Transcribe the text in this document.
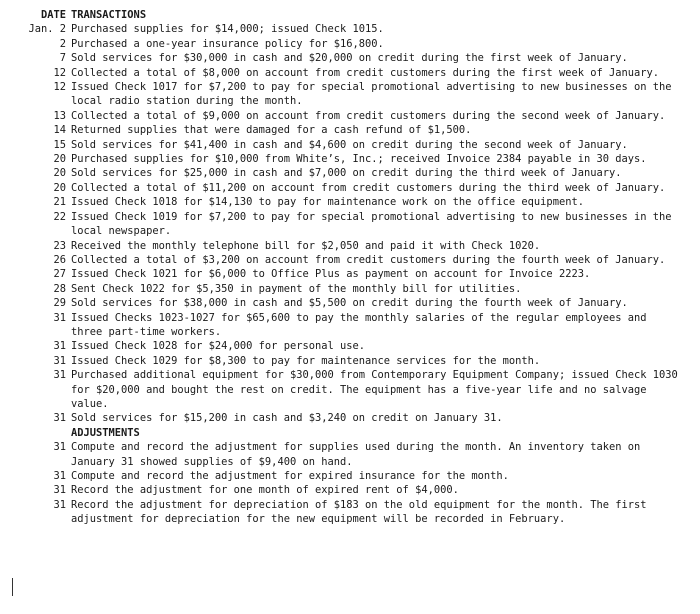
DATE TRANSACTIONS
Jan. 2 Purchased supplies for $14,000; issued Check 1015.
2 Purchased a one-year insurance policy for $16,800.
7 Sold services for $30,000 in cash and $20,000 on credit during the first week of January.
12 Collected a total of $8,000 on account from credit customers during the first week of January.
12 Issued Check 1017 for $7,200 to pay for special promotional advertising to new businesses on the local radio station during the month.
13 Collected a total of $9,000 on account from credit customers during the second week of January.
14 Returned supplies that were damaged for a cash refund of $1,500.
15 Sold services for $41,400 in cash and $4,600 on credit during the second week of January.
20 Purchased supplies for $10,000 from White’s, Inc.; received Invoice 2384 payable in 30 days.
20 Sold services for $25,000 in cash and $7,000 on credit during the third week of January.
20 Collected a total of $11,200 on account from credit customers during the third week of January.
21 Issued Check 1018 for $14,130 to pay for maintenance work on the office equipment.
22 Issued Check 1019 for $7,200 to pay for special promotional advertising to new businesses in the local newspaper.
23 Received the monthly telephone bill for $2,050 and paid it with Check 1020.
26 Collected a total of $3,200 on account from credit customers during the fourth week of January.
27 Issued Check 1021 for $6,000 to Office Plus as payment on account for Invoice 2223.
28 Sent Check 1022 for $5,350 in payment of the monthly bill for utilities.
29 Sold services for $38,000 in cash and $5,500 on credit during the fourth week of January.
31 Issued Checks 1023-1027 for $65,600 to pay the monthly salaries of the regular employees and three part-time workers.
31 Issued Check 1028 for $24,000 for personal use.
31 Issued Check 1029 for $8,300 to pay for maintenance services for the month.
31 Purchased additional equipment for $30,000 from Contemporary Equipment Company; issued Check 1030 for $20,000 and bought the rest on credit. The equipment has a five-year life and no salvage value.
31 Sold services for $15,200 in cash and $3,240 on credit on January 31.
ADJUSTMENTS
31 Compute and record the adjustment for supplies used during the month. An inventory taken on January 31 showed supplies of $9,400 on hand.
31 Compute and record the adjustment for expired insurance for the month.
31 Record the adjustment for one month of expired rent of $4,000.
31 Record the adjustment for depreciation of $183 on the old equipment for the month. The first adjustment for depreciation for the new equipment will be recorded in February.
